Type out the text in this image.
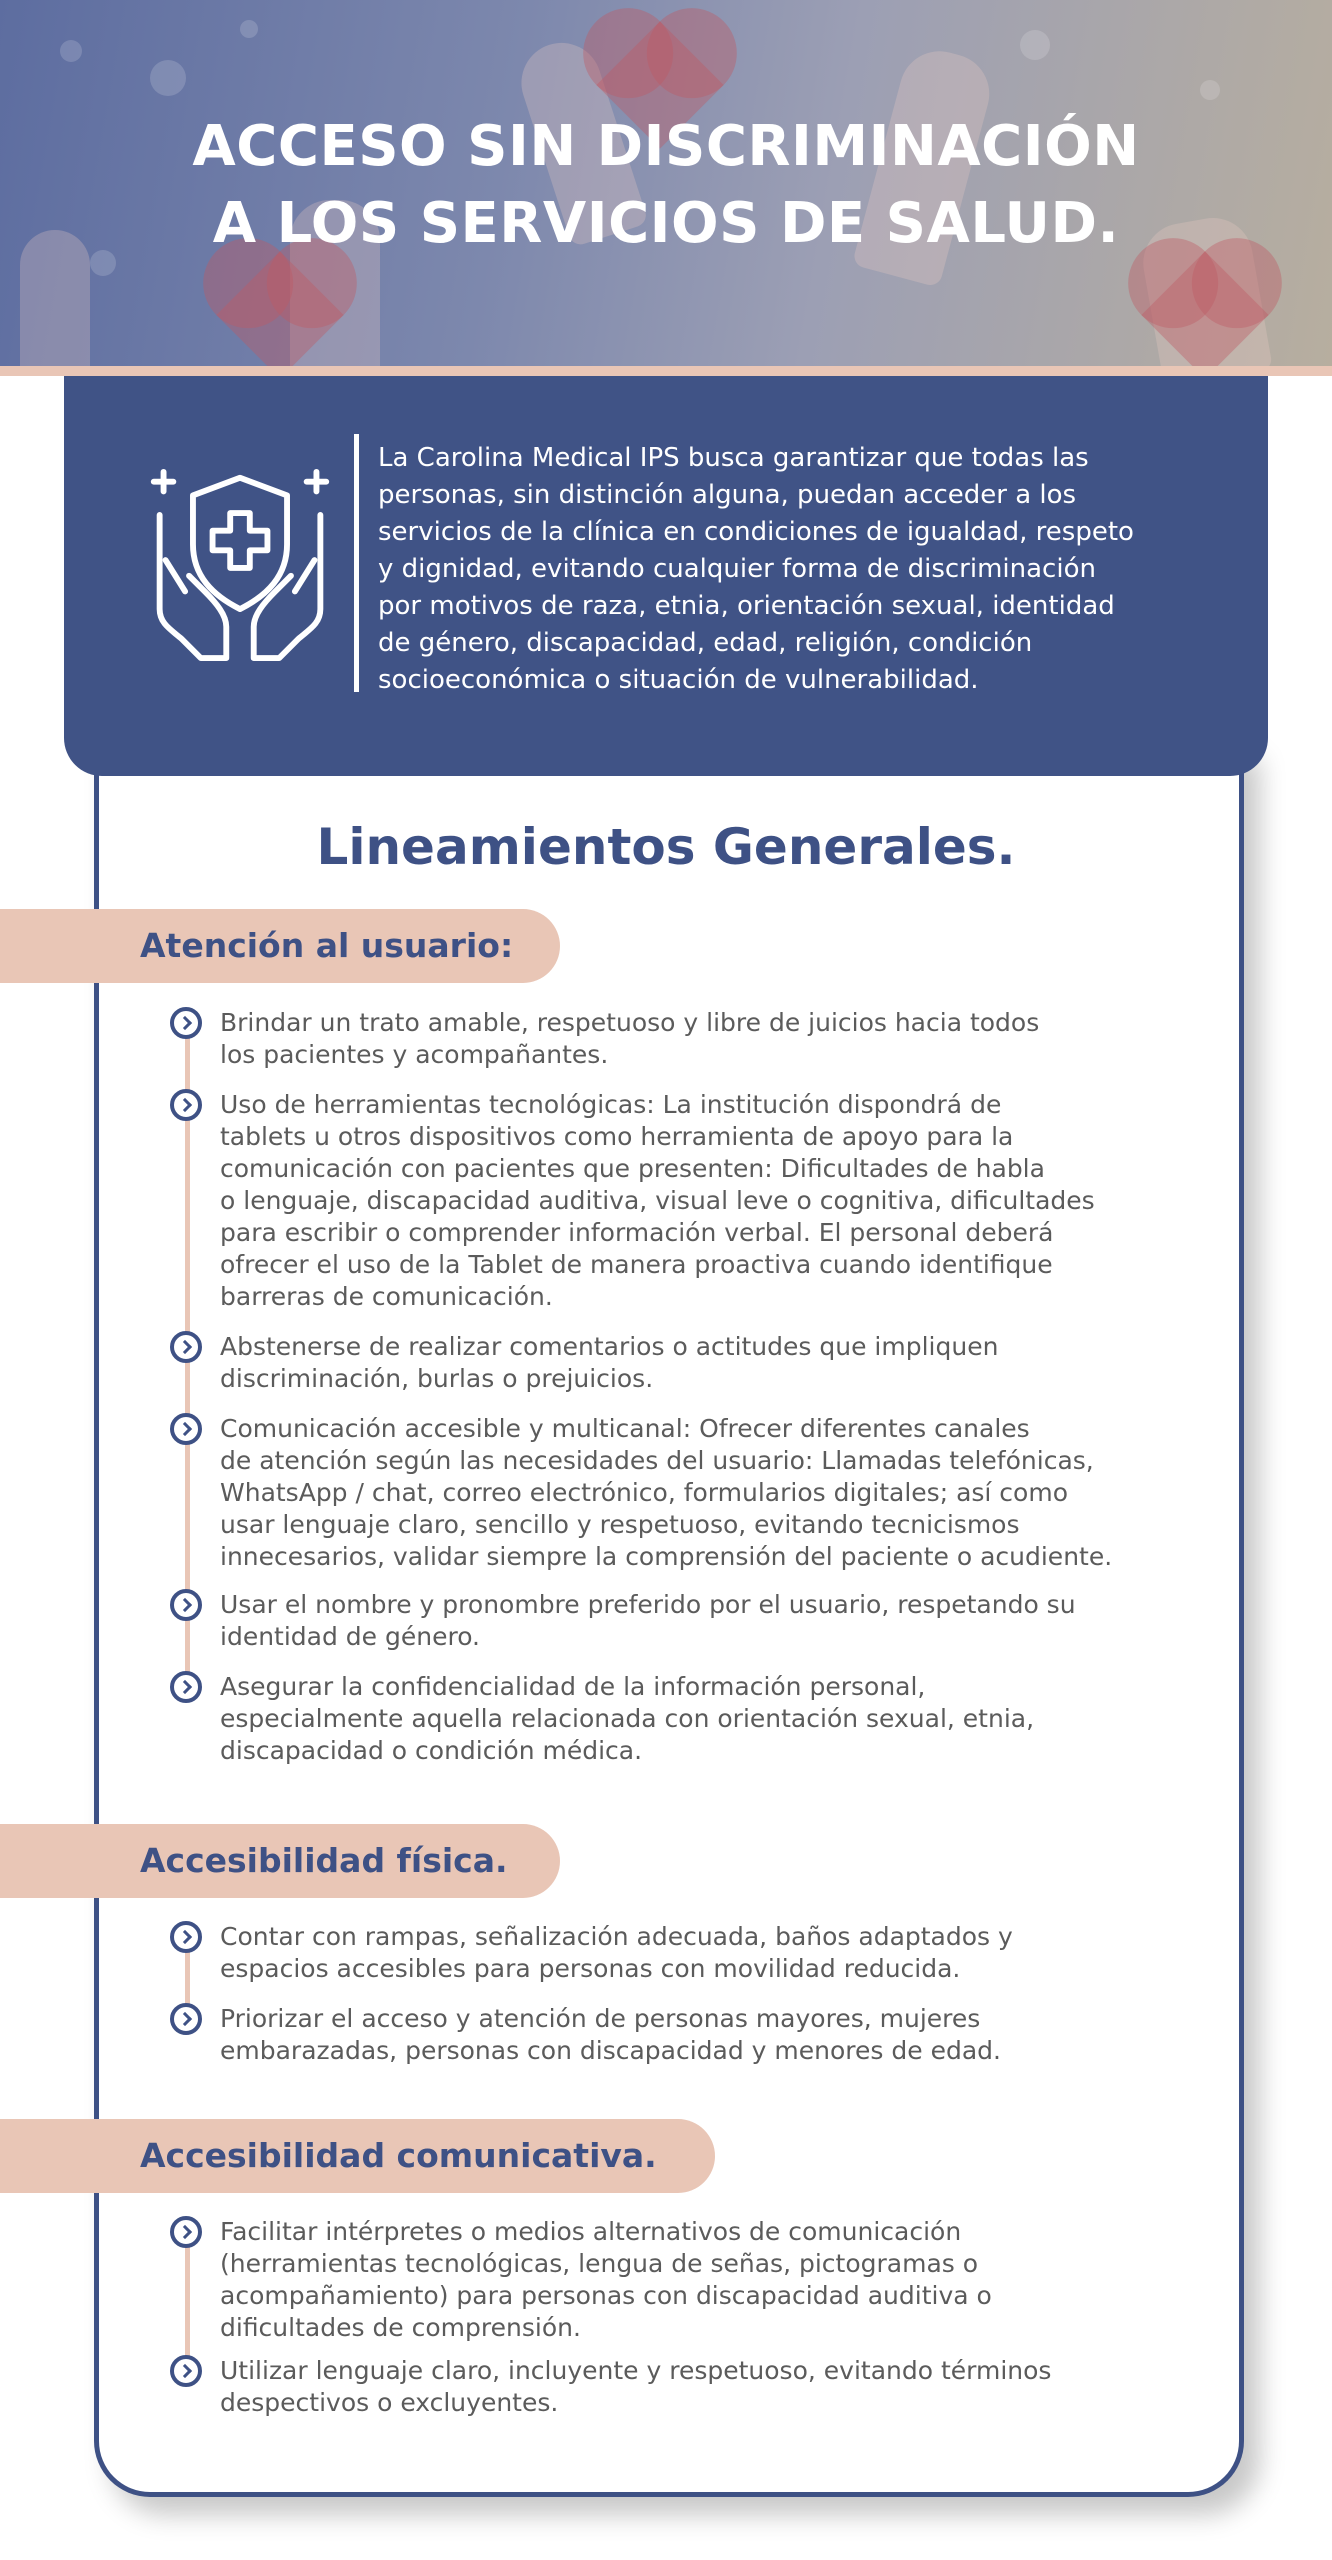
ACCESO SIN DISCRIMINACIÓN
A LOS SERVICIOS DE SALUD.

La Carolina Medical IPS busca garantizar que todas las
personas, sin distinción alguna, puedan acceder a los
servicios de la clínica en condiciones de igualdad, respeto
y dignidad, evitando cualquier forma de discriminación
por motivos de raza, etnia, orientación sexual, identidad
de género, discapacidad, edad, religión, condición
socioeconómica o situación de vulnerabilidad.

Lineamientos Generales.

Atención al usuario:

Brindar un trato amable, respetuoso y libre de juicios hacia todos
los pacientes y acompañantes.

Uso de herramientas tecnológicas: La institución dispondrá de
tablets u otros dispositivos como herramienta de apoyo para la
comunicación con pacientes que presenten: Dificultades de habla
o lenguaje, discapacidad auditiva, visual leve o cognitiva, dificultades
para escribir o comprender información verbal. El personal deberá
ofrecer el uso de la Tablet de manera proactiva cuando identifique
barreras de comunicación.

Abstenerse de realizar comentarios o actitudes que impliquen
discriminación, burlas o prejuicios.

Comunicación accesible y multicanal: Ofrecer diferentes canales
de atención según las necesidades del usuario: Llamadas telefónicas,
WhatsApp / chat, correo electrónico, formularios digitales; así como
usar lenguaje claro, sencillo y respetuoso, evitando tecnicismos
innecesarios, validar siempre la comprensión del paciente o acudiente.

Usar el nombre y pronombre preferido por el usuario, respetando su
identidad de género.

Asegurar la confidencialidad de la información personal,
especialmente aquella relacionada con orientación sexual, etnia,
discapacidad o condición médica.

Accesibilidad física.

Contar con rampas, señalización adecuada, baños adaptados y
espacios accesibles para personas con movilidad reducida.

Priorizar el acceso y atención de personas mayores, mujeres
embarazadas, personas con discapacidad y menores de edad.

Accesibilidad comunicativa.

Facilitar intérpretes o medios alternativos de comunicación
(herramientas tecnológicas, lengua de señas, pictogramas o
acompañamiento) para personas con discapacidad auditiva o
dificultades de comprensión.

Utilizar lenguaje claro, incluyente y respetuoso, evitando términos
despectivos o excluyentes.
